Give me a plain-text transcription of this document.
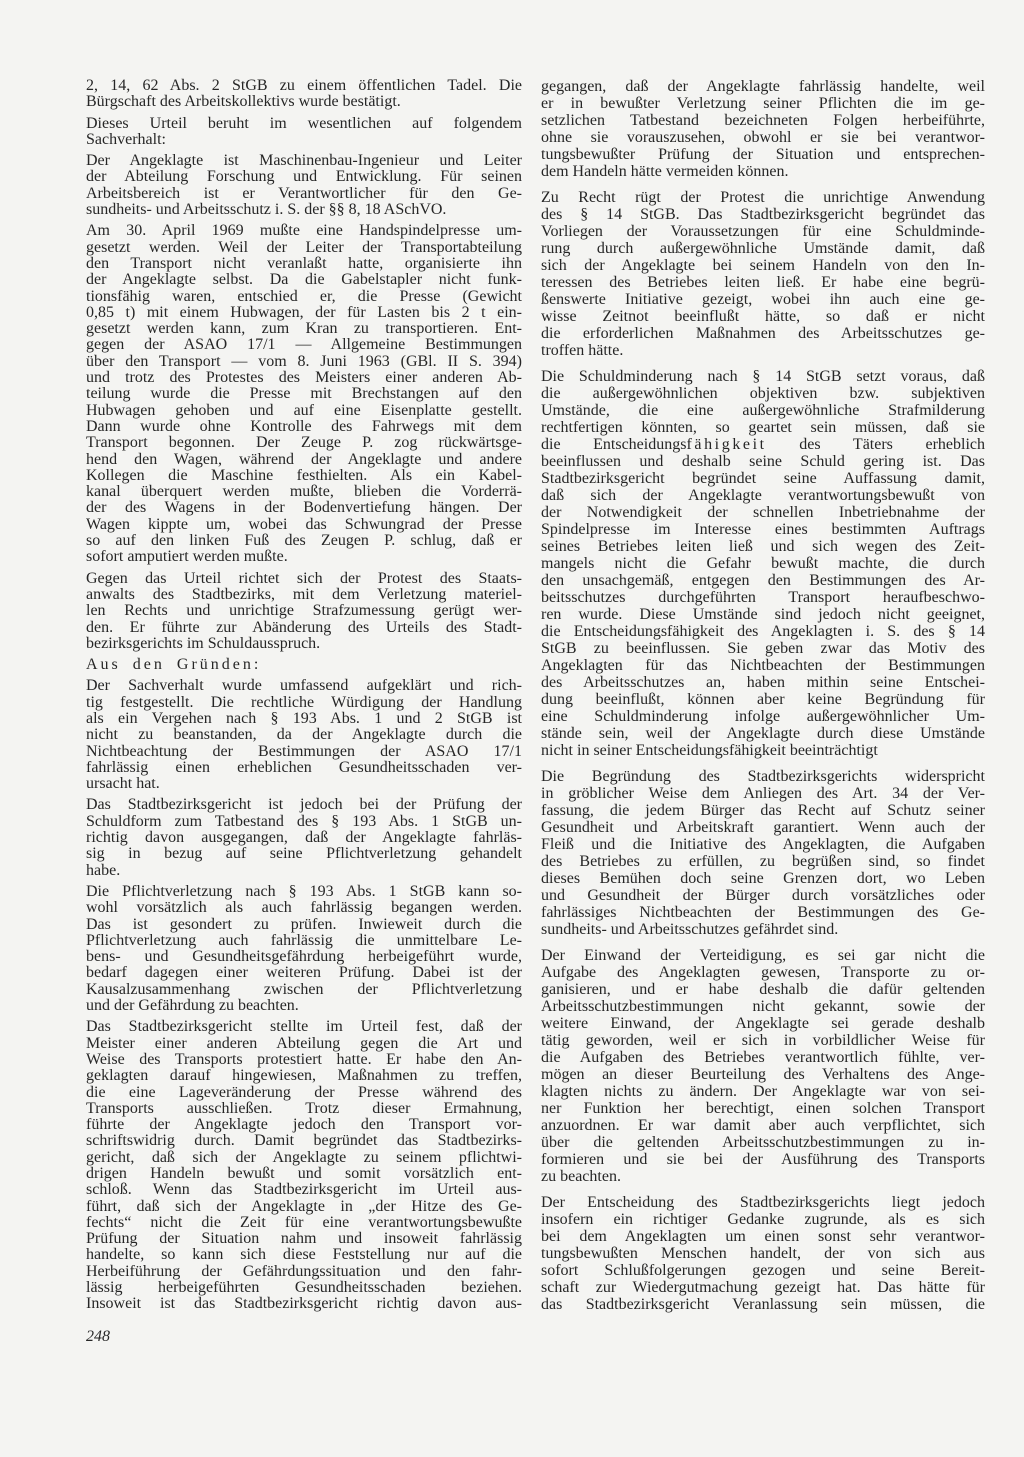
2, 14, 62 Abs. 2 StGB zu einem öffentlichen Tadel. Die
Bürgschaft des Arbeitskollektivs wurde bestätigt.
Dieses Urteil beruht im wesentlichen auf folgendem
Sachverhalt:
Der Angeklagte ist Maschinenbau-Ingenieur und Leiter
der Abteilung Forschung und Entwicklung. Für seinen
Arbeitsbereich ist er Verantwortlicher für den Ge-
sundheits- und Arbeitsschutz i. S. der §§ 8, 18 ASchVO.
Am 30. April 1969 mußte eine Handspindelpresse um-
gesetzt werden. Weil der Leiter der Transportabteilung
den Transport nicht veranlaßt hatte, organisierte ihn
der Angeklagte selbst. Da die Gabelstapler nicht funk-
tionsfähig waren, entschied er, die Presse (Gewicht
0,85 t) mit einem Hubwagen, der für Lasten bis 2 t ein-
gesetzt werden kann, zum Kran zu transportieren. Ent-
gegen der ASAO 17/1 — Allgemeine Bestimmungen
über den Transport — vom 8. Juni 1963 (GBl. II S. 394)
und trotz des Protestes des Meisters einer anderen Ab-
teilung wurde die Presse mit Brechstangen auf den
Hubwagen gehoben und auf eine Eisenplatte gestellt.
Dann wurde ohne Kontrolle des Fahrwegs mit dem
Transport begonnen. Der Zeuge P. zog rückwärtsge-
hend den Wagen, während der Angeklagte und andere
Kollegen die Maschine festhielten. Als ein Kabel-
kanal überquert werden mußte, blieben die Vorderrä-
der des Wagens in der Bodenvertiefung hängen. Der
Wagen kippte um, wobei das Schwungrad der Presse
so auf den linken Fuß des Zeugen P. schlug, daß er
sofort amputiert werden mußte.
Gegen das Urteil richtet sich der Protest des Staats-
anwalts des Stadtbezirks, mit dem Verletzung materiel-
len Rechts und unrichtige Strafzumessung gerügt wer-
den. Er führte zur Abänderung des Urteils des Stadt-
bezirksgerichts im Schuldausspruch.
Aus den Gründen:
Der Sachverhalt wurde umfassend aufgeklärt und rich-
tig festgestellt. Die rechtliche Würdigung der Handlung
als ein Vergehen nach § 193 Abs. 1 und 2 StGB ist
nicht zu beanstanden, da der Angeklagte durch die
Nichtbeachtung der Bestimmungen der ASAO 17/1
fahrlässig einen erheblichen Gesundheitsschaden ver-
ursacht hat.
Das Stadtbezirksgericht ist jedoch bei der Prüfung der
Schuldform zum Tatbestand des § 193 Abs. 1 StGB un-
richtig davon ausgegangen, daß der Angeklagte fahrläs-
sig in bezug auf seine Pflichtverletzung gehandelt
habe.
Die Pflichtverletzung nach § 193 Abs. 1 StGB kann so-
wohl vorsätzlich als auch fahrlässig begangen werden.
Das ist gesondert zu prüfen. Inwieweit durch die
Pflichtverletzung auch fahrlässig die unmittelbare Le-
bens- und Gesundheitsgefährdung herbeigeführt wurde,
bedarf dagegen einer weiteren Prüfung. Dabei ist der
Kausalzusammenhang zwischen der Pflichtverletzung
und der Gefährdung zu beachten.
Das Stadtbezirksgericht stellte im Urteil fest, daß der
Meister einer anderen Abteilung gegen die Art und
Weise des Transports protestiert hatte. Er habe den An-
geklagten darauf hingewiesen, Maßnahmen zu treffen,
die eine Lageveränderung der Presse während des
Transports ausschließen. Trotz dieser Ermahnung,
führte der Angeklagte jedoch den Transport vor-
schriftswidrig durch. Damit begründet das Stadtbezirks-
gericht, daß sich der Angeklagte zu seinem pflichtwi-
drigen Handeln bewußt und somit vorsätzlich ent-
schloß. Wenn das Stadtbezirksgericht im Urteil aus-
führt, daß sich der Angeklagte in „der Hitze des Ge-
fechts“ nicht die Zeit für eine verantwortungsbewußte
Prüfung der Situation nahm und insoweit fahrlässig
handelte, so kann sich diese Feststellung nur auf die
Herbeiführung der Gefährdungssituation und den fahr-
lässig herbeigeführten Gesundheitsschaden beziehen.
Insoweit ist das Stadtbezirksgericht richtig davon aus-
gegangen, daß der Angeklagte fahrlässig handelte, weil
er in bewußter Verletzung seiner Pflichten die im ge-
setzlichen Tatbestand bezeichneten Folgen herbeiführte,
ohne sie vorauszusehen, obwohl er sie bei verantwor-
tungsbewußter Prüfung der Situation und entsprechen-
dem Handeln hätte vermeiden können.
Zu Recht rügt der Protest die unrichtige Anwendung
des § 14 StGB. Das Stadtbezirksgericht begründet das
Vorliegen der Voraussetzungen für eine Schuldminde-
rung durch außergewöhnliche Umstände damit, daß
sich der Angeklagte bei seinem Handeln von den In-
teressen des Betriebes leiten ließ. Er habe eine begrü-
ßenswerte Initiative gezeigt, wobei ihn auch eine ge-
wisse Zeitnot beeinflußt hätte, so daß er nicht
die erforderlichen Maßnahmen des Arbeitsschutzes ge-
troffen hätte.
Die Schuldminderung nach § 14 StGB setzt voraus, daß
die außergewöhnlichen objektiven bzw. subjektiven
Umstände, die eine außergewöhnliche Strafmilderung
rechtfertigen könnten, so geartet sein müssen, daß sie
die Entscheidungsfähigkeit des Täters erheblich
beeinflussen und deshalb seine Schuld gering ist. Das
Stadtbezirksgericht begründet seine Auffassung damit,
daß sich der Angeklagte verantwortungsbewußt von
der Notwendigkeit der schnellen Inbetriebnahme der
Spindelpresse im Interesse eines bestimmten Auftrags
seines Betriebes leiten ließ und sich wegen des Zeit-
mangels nicht die Gefahr bewußt machte, die durch
den unsachgemäß, entgegen den Bestimmungen des Ar-
beitsschutzes durchgeführten Transport heraufbeschwo-
ren wurde. Diese Umstände sind jedoch nicht geeignet,
die Entscheidungsfähigkeit des Angeklagten i. S. des § 14
StGB zu beeinflussen. Sie geben zwar das Motiv des
Angeklagten für das Nichtbeachten der Bestimmungen
des Arbeitsschutzes an, haben mithin seine Entschei-
dung beeinflußt, können aber keine Begründung für
eine Schuldminderung infolge außergewöhnlicher Um-
stände sein, weil der Angeklagte durch diese Umstände
nicht in seiner Entscheidungsfähigkeit beeinträchtigt
Die Begründung des Stadtbezirksgerichts widerspricht
in gröblicher Weise dem Anliegen des Art. 34 der Ver-
fassung, die jedem Bürger das Recht auf Schutz seiner
Gesundheit und Arbeitskraft garantiert. Wenn auch der
Fleiß und die Initiative des Angeklagten, die Aufgaben
des Betriebes zu erfüllen, zu begrüßen sind, so findet
dieses Bemühen doch seine Grenzen dort, wo Leben
und Gesundheit der Bürger durch vorsätzliches oder
fahrlässiges Nichtbeachten der Bestimmungen des Ge-
sundheits- und Arbeitsschutzes gefährdet sind.
Der Einwand der Verteidigung, es sei gar nicht die
Aufgabe des Angeklagten gewesen, Transporte zu or-
ganisieren, und er habe deshalb die dafür geltenden
Arbeitsschutzbestimmungen nicht gekannt, sowie der
weitere Einwand, der Angeklagte sei gerade deshalb
tätig geworden, weil er sich in vorbildlicher Weise für
die Aufgaben des Betriebes verantwortlich fühlte, ver-
mögen an dieser Beurteilung des Verhaltens des Ange-
klagten nichts zu ändern. Der Angeklagte war von sei-
ner Funktion her berechtigt, einen solchen Transport
anzuordnen. Er war damit aber auch verpflichtet, sich
über die geltenden Arbeitsschutzbestimmungen zu in-
formieren und sie bei der Ausführung des Transports
zu beachten.
Der Entscheidung des Stadtbezirksgerichts liegt jedoch
insofern ein richtiger Gedanke zugrunde, als es sich
bei dem Angeklagten um einen sonst sehr verantwor-
tungsbewußten Menschen handelt, der von sich aus
sofort Schlußfolgerungen gezogen und seine Bereit-
schaft zur Wiedergutmachung gezeigt hat. Das hätte für
das Stadtbezirksgericht Veranlassung sein müssen, die
248
